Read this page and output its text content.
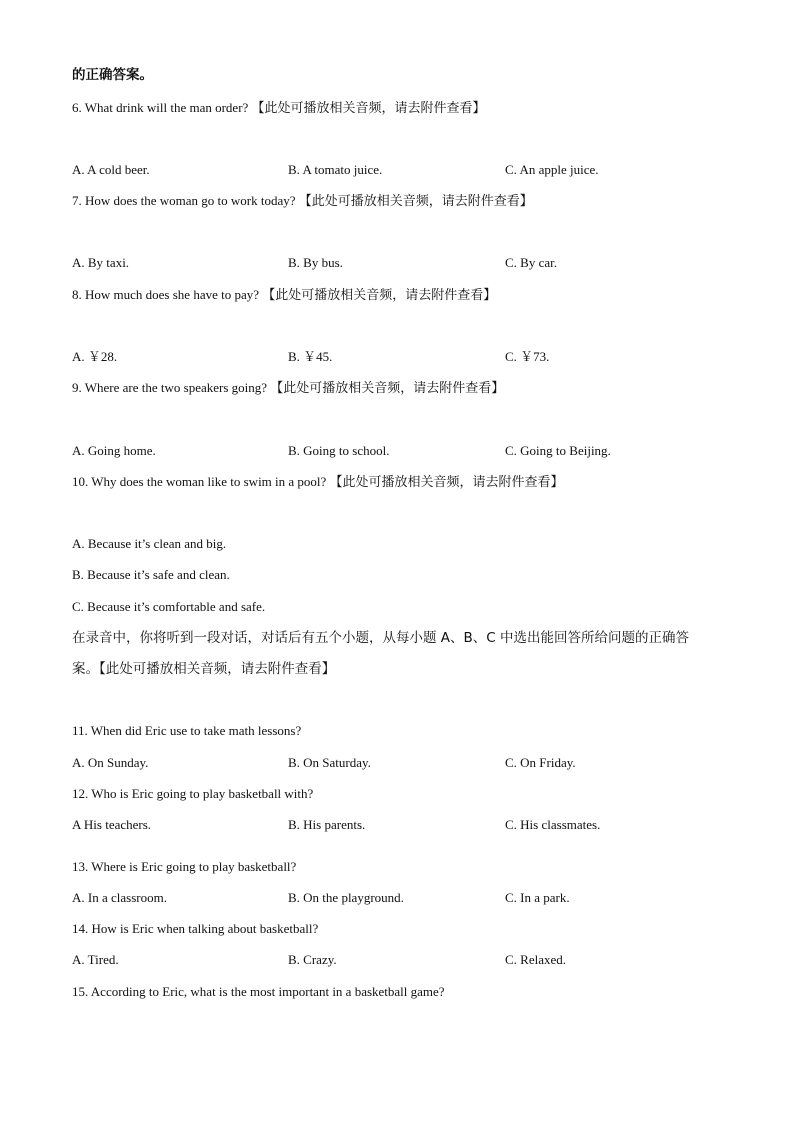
的正确答案。
6. What drink will the man order? 【此处可播放相关音频，请去附件查看】
A. A cold beer.	B. A tomato juice.	C. An apple juice.
7. How does the woman go to work today? 【此处可播放相关音频，请去附件查看】
A. By taxi.	B. By bus.	C. By car.
8. How much does she have to pay? 【此处可播放相关音频，请去附件查看】
A. ￥28.	B. ￥45.	C. ￥73.
9. Where are the two speakers going? 【此处可播放相关音频，请去附件查看】
A. Going home.	B. Going to school.	C. Going to Beijing.
10. Why does the woman like to swim in a pool? 【此处可播放相关音频，请去附件查看】
A. Because it’s clean and big.
B. Because it’s safe and clean.
C. Because it’s comfortable and safe.
在录音中，你将听到一段对话，对话后有五个小题，从每小题 A、B、C 中选出能回答所给问题的正确答
案。【此处可播放相关音频，请去附件查看】
11. When did Eric use to take math lessons?
A. On Sunday.	B. On Saturday.	C. On Friday.
12. Who is Eric going to play basketball with?
A His teachers.	B. His parents.	C. His classmates.
13. Where is Eric going to play basketball?
A. In a classroom.	B. On the playground.	C. In a park.
14. How is Eric when talking about basketball?
A. Tired.	B. Crazy.	C. Relaxed.
15. According to Eric, what is the most important in a basketball game?
